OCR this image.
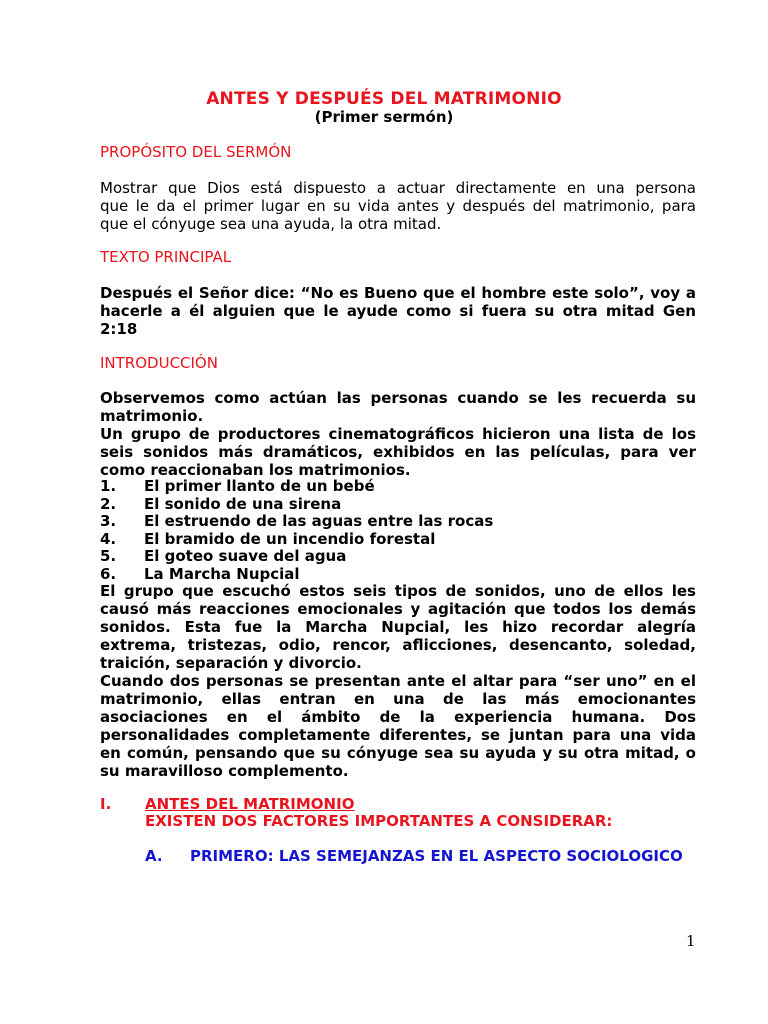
ANTES Y DESPUÉS DEL MATRIMONIO
(Primer sermón)
PROPÓSITO DEL SERMÓN
Mostrar que Dios está dispuesto a actuar directamente en una persona
que le da el primer lugar en su vida antes y después del matrimonio, para
que el cónyuge sea una ayuda, la otra mitad.
TEXTO PRINCIPAL
Después el Señor dice: “No es Bueno que el hombre este solo”, voy a
hacerle a él alguien que le ayude como si fuera su otra mitad Gen
2:18
INTRODUCCIÓN
Observemos como actúan las personas cuando se les recuerda su
matrimonio.
Un grupo de productores cinematográficos hicieron una lista de los
seis sonidos más dramáticos, exhibidos en las películas, para ver
como reaccionaban los matrimonios.
1. El primer llanto de un bebé
2. El sonido de una sirena
3. El estruendo de las aguas entre las rocas
4. El bramido de un incendio forestal
5. El goteo suave del agua
6. La Marcha Nupcial
El grupo que escuchó estos seis tipos de sonidos, uno de ellos les
causó más reacciones emocionales y agitación que todos los demás
sonidos. Esta fue la Marcha Nupcial, les hizo recordar alegría
extrema, tristezas, odio, rencor, aflicciones, desencanto, soledad,
traición, separación y divorcio.
Cuando dos personas se presentan ante el altar para “ser uno” en el
matrimonio, ellas entran en una de las más emocionantes
asociaciones en el ámbito de la experiencia humana. Dos
personalidades completamente diferentes, se juntan para una vida
en común, pensando que su cónyuge sea su ayuda y su otra mitad, o
su maravilloso complemento.
I.	ANTES DEL MATRIMONIO
EXISTEN DOS FACTORES IMPORTANTES A CONSIDERAR:
A. PRIMERO: LAS SEMEJANZAS EN EL ASPECTO SOCIOLOGICO
1
